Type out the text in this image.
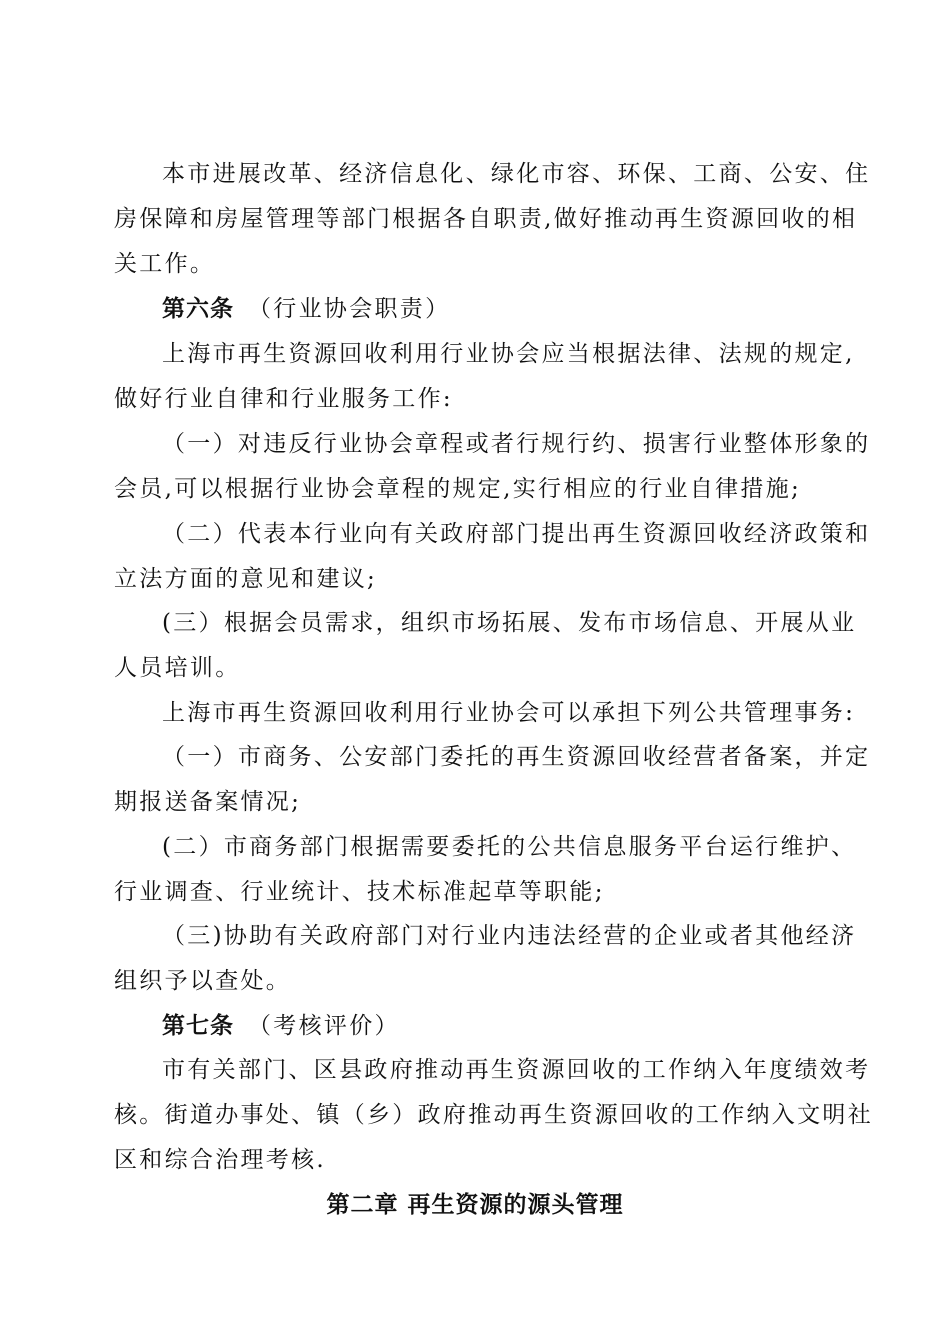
本市进展改革、经济信息化、绿化市容、环保、工商、公安、住
房保障和房屋管理等部门根据各自职责,做好推动再生资源回收的相
关工作。
第六条 （行业协会职责）
上海市再生资源回收利用行业协会应当根据法律、法规的规定,
做好行业自律和行业服务工作:
（一）对违反行业协会章程或者行规行约、损害行业整体形象的
会员,可以根据行业协会章程的规定,实行相应的行业自律措施;
（二）代表本行业向有关政府部门提出再生资源回收经济政策和
立法方面的意见和建议;
(三）根据会员需求，组织市场拓展、发布市场信息、开展从业
人员培训。
上海市再生资源回收利用行业协会可以承担下列公共管理事务:
（一）市商务、公安部门委托的再生资源回收经营者备案，并定
期报送备案情况;
(二）市商务部门根据需要委托的公共信息服务平台运行维护、
行业调查、行业统计、技术标准起草等职能;
（三)协助有关政府部门对行业内违法经营的企业或者其他经济
组织予以查处。
第七条 （考核评价）
市有关部门、区县政府推动再生资源回收的工作纳入年度绩效考
核。街道办事处、镇（乡）政府推动再生资源回收的工作纳入文明社
区和综合治理考核.
第二章 再生资源的源头管理
